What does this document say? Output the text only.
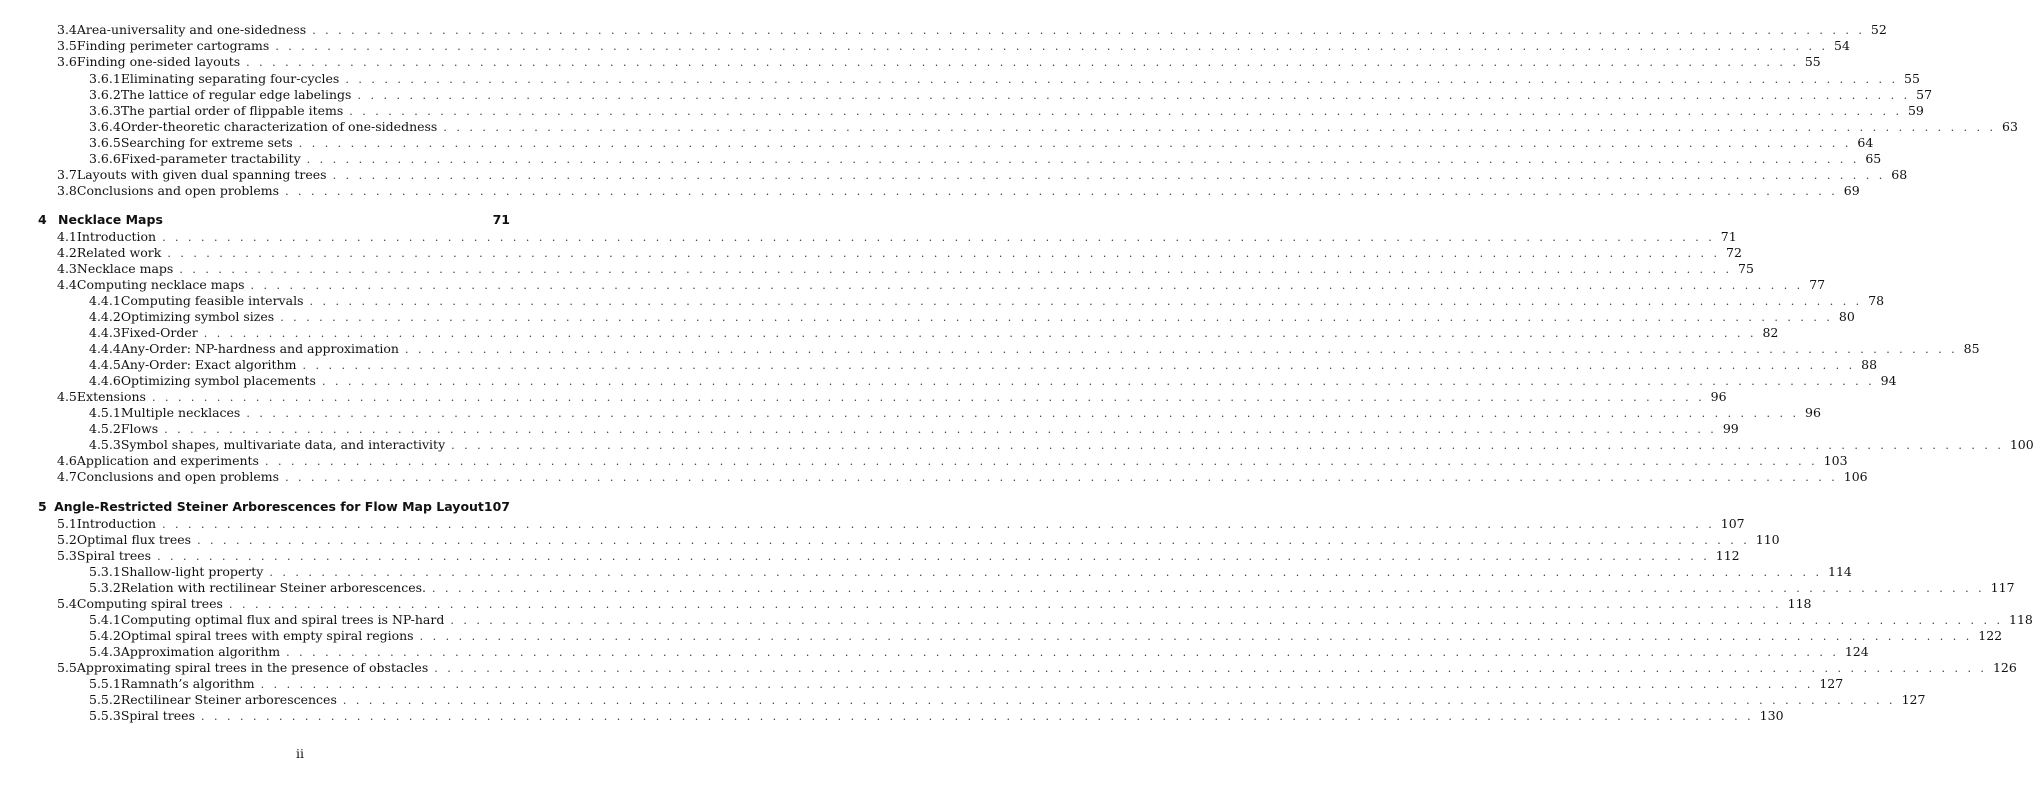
3.4 Area-universality and one-sidedness . . . . . . . . . . . . . . . . . . . . . . . . . . . . . . . . . . . . . . . . . . . . . . . . . . . . . . . . . . . . . . . . . . . . . . . . . . . . . . . . . . . . . . . . . . . . . . . . . . . . . . . . . . . . . . . . . . . . . . . . 52
3.5 Finding perimeter cartograms . . . . . . . . . . . . . . . . . . . . . . . . . . . . . . . . . . . . . . . . . . . . . . . . . . . . . . . . . . . . . . . . . . . . . . . . . . . . . . . . . . . . . . . . . . . . . . . . . . . . . . . . . . . . . . . . . . . . . . . . 54
3.6 Finding one-sided layouts . . . . . . . . . . . . . . . . . . . . . . . . . . . . . . . . . . . . . . . . . . . . . . . . . . . . . . . . . . . . . . . . . . . . . . . . . . . . . . . . . . . . . . . . . . . . . . . . . . . . . . . . . . . . . . . . . . . . . . . . 55
3.6.1 Eliminating separating four-cycles . . . . . . . . . . . . . . . . . . . . . . . . . . . . . . . . . . . . . . . . . . . . . . . . . . . . . . . . . . . . . . . . . . . . . . . . . . . . . . . . . . . . . . . . . . . . . . . . . . . . . . . . . . . . . . . . . . . . . . . . 55
3.6.2 The lattice of regular edge labelings . . . . . . . . . . . . . . . . . . . . . . . . . . . . . . . . . . . . . . . . . . . . . . . . . . . . . . . . . . . . . . . . . . . . . . . . . . . . . . . . . . . . . . . . . . . . . . . . . . . . . . . . . . . . . . . . . . . . . . . . 57
3.6.3 The partial order of flippable items . . . . . . . . . . . . . . . . . . . . . . . . . . . . . . . . . . . . . . . . . . . . . . . . . . . . . . . . . . . . . . . . . . . . . . . . . . . . . . . . . . . . . . . . . . . . . . . . . . . . . . . . . . . . . . . . . . . . . . . . 59
3.6.4 Order-theoretic characterization of one-sidedness . . . . . . . . . . . . . . . . . . . . . . . . . . . . . . . . . . . . . . . . . . . . . . . . . . . . . . . . . . . . . . . . . . . . . . . . . . . . . . . . . . . . . . . . . . . . . . . . . . . . . . . . . . . . . . . . . . . . . . . . 63
3.6.5 Searching for extreme sets . . . . . . . . . . . . . . . . . . . . . . . . . . . . . . . . . . . . . . . . . . . . . . . . . . . . . . . . . . . . . . . . . . . . . . . . . . . . . . . . . . . . . . . . . . . . . . . . . . . . . . . . . . . . . . . . . . . . . . . . 64
3.6.6 Fixed-parameter tractability . . . . . . . . . . . . . . . . . . . . . . . . . . . . . . . . . . . . . . . . . . . . . . . . . . . . . . . . . . . . . . . . . . . . . . . . . . . . . . . . . . . . . . . . . . . . . . . . . . . . . . . . . . . . . . . . . . . . . . . . 65
3.7 Layouts with given dual spanning trees . . . . . . . . . . . . . . . . . . . . . . . . . . . . . . . . . . . . . . . . . . . . . . . . . . . . . . . . . . . . . . . . . . . . . . . . . . . . . . . . . . . . . . . . . . . . . . . . . . . . . . . . . . . . . . . . . . . . . . . . 68
3.8 Conclusions and open problems . . . . . . . . . . . . . . . . . . . . . . . . . . . . . . . . . . . . . . . . . . . . . . . . . . . . . . . . . . . . . . . . . . . . . . . . . . . . . . . . . . . . . . . . . . . . . . . . . . . . . . . . . . . . . . . . . . . . . . . . 69
4 Necklace Maps	71
4.1 Introduction . . . . . . . . . . . . . . . . . . . . . . . . . . . . . . . . . . . . . . . . . . . . . . . . . . . . . . . . . . . . . . . . . . . . . . . . . . . . . . . . . . . . . . . . . . . . . . . . . . . . . . . . . . . . . . . . . . . . . . . . 71
4.2 Related work . . . . . . . . . . . . . . . . . . . . . . . . . . . . . . . . . . . . . . . . . . . . . . . . . . . . . . . . . . . . . . . . . . . . . . . . . . . . . . . . . . . . . . . . . . . . . . . . . . . . . . . . . . . . . . . . . . . . . . . . 72
4.3 Necklace maps . . . . . . . . . . . . . . . . . . . . . . . . . . . . . . . . . . . . . . . . . . . . . . . . . . . . . . . . . . . . . . . . . . . . . . . . . . . . . . . . . . . . . . . . . . . . . . . . . . . . . . . . . . . . . . . . . . . . . . . . 75
4.4 Computing necklace maps . . . . . . . . . . . . . . . . . . . . . . . . . . . . . . . . . . . . . . . . . . . . . . . . . . . . . . . . . . . . . . . . . . . . . . . . . . . . . . . . . . . . . . . . . . . . . . . . . . . . . . . . . . . . . . . . . . . . . . . . 77
4.4.1 Computing feasible intervals . . . . . . . . . . . . . . . . . . . . . . . . . . . . . . . . . . . . . . . . . . . . . . . . . . . . . . . . . . . . . . . . . . . . . . . . . . . . . . . . . . . . . . . . . . . . . . . . . . . . . . . . . . . . . . . . . . . . . . . . 78
4.4.2 Optimizing symbol sizes . . . . . . . . . . . . . . . . . . . . . . . . . . . . . . . . . . . . . . . . . . . . . . . . . . . . . . . . . . . . . . . . . . . . . . . . . . . . . . . . . . . . . . . . . . . . . . . . . . . . . . . . . . . . . . . . . . . . . . . . 80
4.4.3 Fixed-Order . . . . . . . . . . . . . . . . . . . . . . . . . . . . . . . . . . . . . . . . . . . . . . . . . . . . . . . . . . . . . . . . . . . . . . . . . . . . . . . . . . . . . . . . . . . . . . . . . . . . . . . . . . . . . . . . . . . . . . . . 82
4.4.4 Any-Order: NP-hardness and approximation . . . . . . . . . . . . . . . . . . . . . . . . . . . . . . . . . . . . . . . . . . . . . . . . . . . . . . . . . . . . . . . . . . . . . . . . . . . . . . . . . . . . . . . . . . . . . . . . . . . . . . . . . . . . . . . . . . . . . . . . 85
4.4.5 Any-Order: Exact algorithm . . . . . . . . . . . . . . . . . . . . . . . . . . . . . . . . . . . . . . . . . . . . . . . . . . . . . . . . . . . . . . . . . . . . . . . . . . . . . . . . . . . . . . . . . . . . . . . . . . . . . . . . . . . . . . . . . . . . . . . . 88
4.4.6 Optimizing symbol placements . . . . . . . . . . . . . . . . . . . . . . . . . . . . . . . . . . . . . . . . . . . . . . . . . . . . . . . . . . . . . . . . . . . . . . . . . . . . . . . . . . . . . . . . . . . . . . . . . . . . . . . . . . . . . . . . . . . . . . . . 94
4.5 Extensions . . . . . . . . . . . . . . . . . . . . . . . . . . . . . . . . . . . . . . . . . . . . . . . . . . . . . . . . . . . . . . . . . . . . . . . . . . . . . . . . . . . . . . . . . . . . . . . . . . . . . . . . . . . . . . . . . . . . . . . . 96
4.5.1 Multiple necklaces . . . . . . . . . . . . . . . . . . . . . . . . . . . . . . . . . . . . . . . . . . . . . . . . . . . . . . . . . . . . . . . . . . . . . . . . . . . . . . . . . . . . . . . . . . . . . . . . . . . . . . . . . . . . . . . . . . . . . . . . 96
4.5.2 Flows . . . . . . . . . . . . . . . . . . . . . . . . . . . . . . . . . . . . . . . . . . . . . . . . . . . . . . . . . . . . . . . . . . . . . . . . . . . . . . . . . . . . . . . . . . . . . . . . . . . . . . . . . . . . . . . . . . . . . . . . 99
4.5.3 Symbol shapes, multivariate data, and interactivity . . . . . . . . . . . . . . . . . . . . . . . . . . . . . . . . . . . . . . . . . . . . . . . . . . . . . . . . . . . . . . . . . . . . . . . . . . . . . . . . . . . . . . . . . . . . . . . . . . . . . . . . . . . . . . . . . . . . . . . . 100
4.6 Application and experiments . . . . . . . . . . . . . . . . . . . . . . . . . . . . . . . . . . . . . . . . . . . . . . . . . . . . . . . . . . . . . . . . . . . . . . . . . . . . . . . . . . . . . . . . . . . . . . . . . . . . . . . . . . . . . . . . . . . . . . . . 103
4.7 Conclusions and open problems . . . . . . . . . . . . . . . . . . . . . . . . . . . . . . . . . . . . . . . . . . . . . . . . . . . . . . . . . . . . . . . . . . . . . . . . . . . . . . . . . . . . . . . . . . . . . . . . . . . . . . . . . . . . . . . . . . . . . . . . 106
5 Angle-Restricted Steiner Arborescences for Flow Map Layout 107
5.1 Introduction . . . . . . . . . . . . . . . . . . . . . . . . . . . . . . . . . . . . . . . . . . . . . . . . . . . . . . . . . . . . . . . . . . . . . . . . . . . . . . . . . . . . . . . . . . . . . . . . . . . . . . . . . . . . . . . . . . . . . . . . 107
5.2 Optimal flux trees . . . . . . . . . . . . . . . . . . . . . . . . . . . . . . . . . . . . . . . . . . . . . . . . . . . . . . . . . . . . . . . . . . . . . . . . . . . . . . . . . . . . . . . . . . . . . . . . . . . . . . . . . . . . . . . . . . . . . . . . 110
5.3 Spiral trees . . . . . . . . . . . . . . . . . . . . . . . . . . . . . . . . . . . . . . . . . . . . . . . . . . . . . . . . . . . . . . . . . . . . . . . . . . . . . . . . . . . . . . . . . . . . . . . . . . . . . . . . . . . . . . . . . . . . . . . . 112
5.3.1 Shallow-light property . . . . . . . . . . . . . . . . . . . . . . . . . . . . . . . . . . . . . . . . . . . . . . . . . . . . . . . . . . . . . . . . . . . . . . . . . . . . . . . . . . . . . . . . . . . . . . . . . . . . . . . . . . . . . . . . . . . . . . . . 114
5.3.2 Relation with rectilinear Steiner arborescences. . . . . . . . . . . . . . . . . . . . . . . . . . . . . . . . . . . . . . . . . . . . . . . . . . . . . . . . . . . . . . . . . . . . . . . . . . . . . . . . . . . . . . . . . . . . . . . . . . . . . . . . . . . . . . . . . . . . . . . . . 117
5.4 Computing spiral trees . . . . . . . . . . . . . . . . . . . . . . . . . . . . . . . . . . . . . . . . . . . . . . . . . . . . . . . . . . . . . . . . . . . . . . . . . . . . . . . . . . . . . . . . . . . . . . . . . . . . . . . . . . . . . . . . . . . . . . . . 118
5.4.1 Computing optimal flux and spiral trees is NP-hard . . . . . . . . . . . . . . . . . . . . . . . . . . . . . . . . . . . . . . . . . . . . . . . . . . . . . . . . . . . . . . . . . . . . . . . . . . . . . . . . . . . . . . . . . . . . . . . . . . . . . . . . . . . . . . . . . . . . . . . . 118
5.4.2 Optimal spiral trees with empty spiral regions . . . . . . . . . . . . . . . . . . . . . . . . . . . . . . . . . . . . . . . . . . . . . . . . . . . . . . . . . . . . . . . . . . . . . . . . . . . . . . . . . . . . . . . . . . . . . . . . . . . . . . . . . . . . . . . . . . . . . . . . 122
5.4.3 Approximation algorithm . . . . . . . . . . . . . . . . . . . . . . . . . . . . . . . . . . . . . . . . . . . . . . . . . . . . . . . . . . . . . . . . . . . . . . . . . . . . . . . . . . . . . . . . . . . . . . . . . . . . . . . . . . . . . . . . . . . . . . . . 124
5.5 Approximating spiral trees in the presence of obstacles . . . . . . . . . . . . . . . . . . . . . . . . . . . . . . . . . . . . . . . . . . . . . . . . . . . . . . . . . . . . . . . . . . . . . . . . . . . . . . . . . . . . . . . . . . . . . . . . . . . . . . . . . . . . . . . . . . . . . . . . 126
5.5.1 Ramnath’s algorithm . . . . . . . . . . . . . . . . . . . . . . . . . . . . . . . . . . . . . . . . . . . . . . . . . . . . . . . . . . . . . . . . . . . . . . . . . . . . . . . . . . . . . . . . . . . . . . . . . . . . . . . . . . . . . . . . . . . . . . . . 127
5.5.2 Rectilinear Steiner arborescences . . . . . . . . . . . . . . . . . . . . . . . . . . . . . . . . . . . . . . . . . . . . . . . . . . . . . . . . . . . . . . . . . . . . . . . . . . . . . . . . . . . . . . . . . . . . . . . . . . . . . . . . . . . . . . . . . . . . . . . . 127
5.5.3 Spiral trees . . . . . . . . . . . . . . . . . . . . . . . . . . . . . . . . . . . . . . . . . . . . . . . . . . . . . . . . . . . . . . . . . . . . . . . . . . . . . . . . . . . . . . . . . . . . . . . . . . . . . . . . . . . . . . . . . . . . . . . . 130
ii
